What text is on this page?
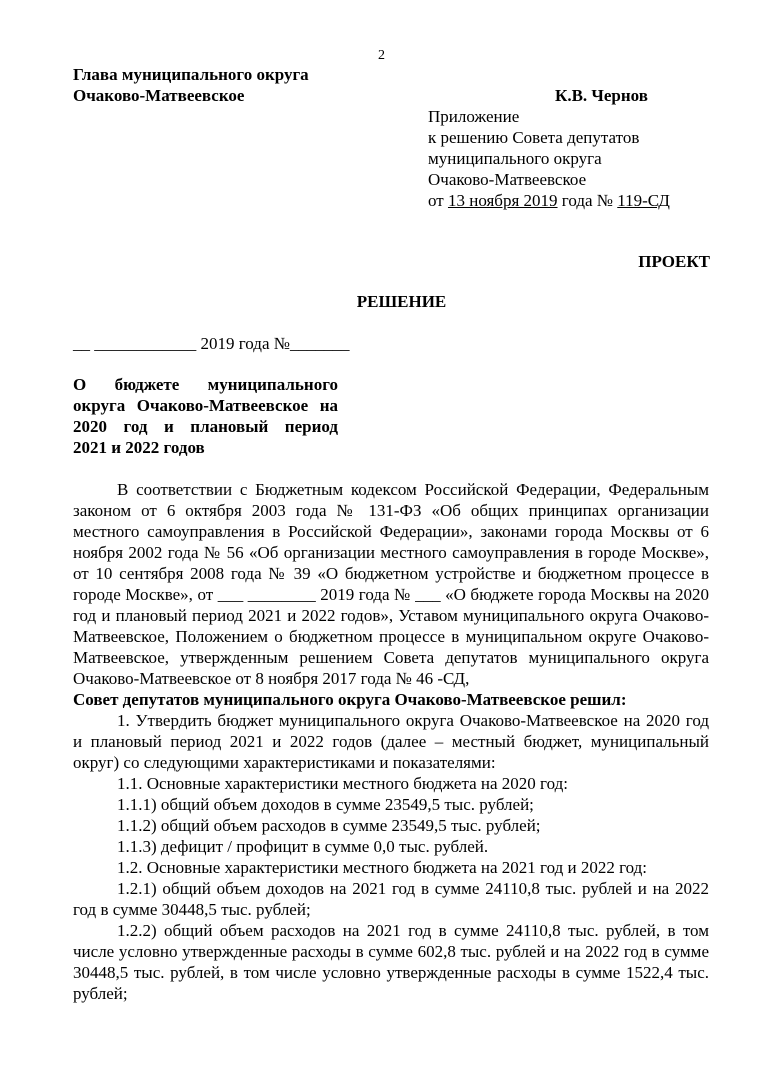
2
Глава муниципального округа
Очаково-Матвеевское	К.В. Чернов
Приложение
к решению Совета депутатов
муниципального округа
Очаково-Матвеевское
от 13 ноября 2019 года № 119-СД
ПРОЕКТ
РЕШЕНИЕ
__ ____________ 2019 года №_______
О бюджете муниципального
округа Очаково-Матвеевское на
2020 год и плановый период
2021 и 2022 годов

В соответствии с Бюджетным кодексом Российской Федерации, Федеральным законом от 6 октября 2003 года № 131-ФЗ «Об общих принципах организации местного самоуправления в Российской Федерации», законами города Москвы от 6 ноября 2002 года № 56 «Об организации местного самоуправления в городе Москве», от 10 сентября 2008 года № 39 «О бюджетном устройстве и бюджетном процессе в городе Москве», от ___ ________ 2019 года № ___ «О бюджете города Москвы на 2020 год и плановый период 2021 и 2022 годов», Уставом муниципального округа Очаково-Матвеевское, Положением о бюджетном процессе в муниципальном округе Очаково-Матвеевское, утвержденным решением Совета депутатов муниципального округа Очаково-Матвеевское от 8 ноября 2017 года № 46 -СД,

Совет депутатов муниципального округа Очаково-Матвеевское решил:

1. Утвердить бюджет муниципального округа Очаково-Матвеевское на 2020 год и плановый период 2021 и 2022 годов (далее – местный бюджет, муниципальный округ) со следующими характеристиками и показателями:

1.1. Основные характеристики местного бюджета на 2020 год:

1.1.1) общий объем доходов в сумме 23549,5 тыс. рублей;

1.1.2) общий объем расходов в сумме 23549,5 тыс. рублей;

1.1.3) дефицит / профицит в сумме 0,0 тыс. рублей.

1.2. Основные характеристики местного бюджета на 2021 год и 2022 год:

1.2.1) общий объем доходов на 2021 год в сумме 24110,8 тыс. рублей и на 2022 год в сумме 30448,5 тыс. рублей;

1.2.2) общий объем расходов на 2021 год в сумме 24110,8 тыс. рублей, в том числе условно утвержденные расходы в сумме 602,8 тыс. рублей и на 2022 год в сумме 30448,5 тыс. рублей, в том числе условно утвержденные расходы в сумме 1522,4 тыс. рублей;
